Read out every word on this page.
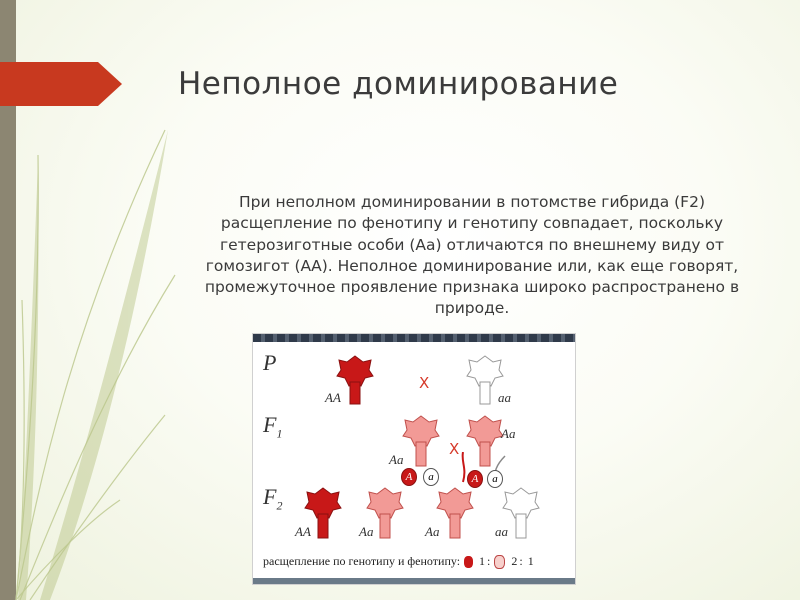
Неполное доминирование
При неполном доминировании в потомстве гибрида (F2) расщепление по фенотипу и генотипу совпадает, поскольку гетерозиготные особи (Аа) отличаются по внешнему виду от гомозигот (АА). Неполное доминирование или, как еще говорят, промежуточное проявление признака широко распространено в природе.
P
$F_1$
$F_2$
AA
X
aa
Aa
X
Aa
A	a	A	a
AA	Aa	Aa	aa
расщепление по генотипу и фенотипу: 1 :  2 : 1
